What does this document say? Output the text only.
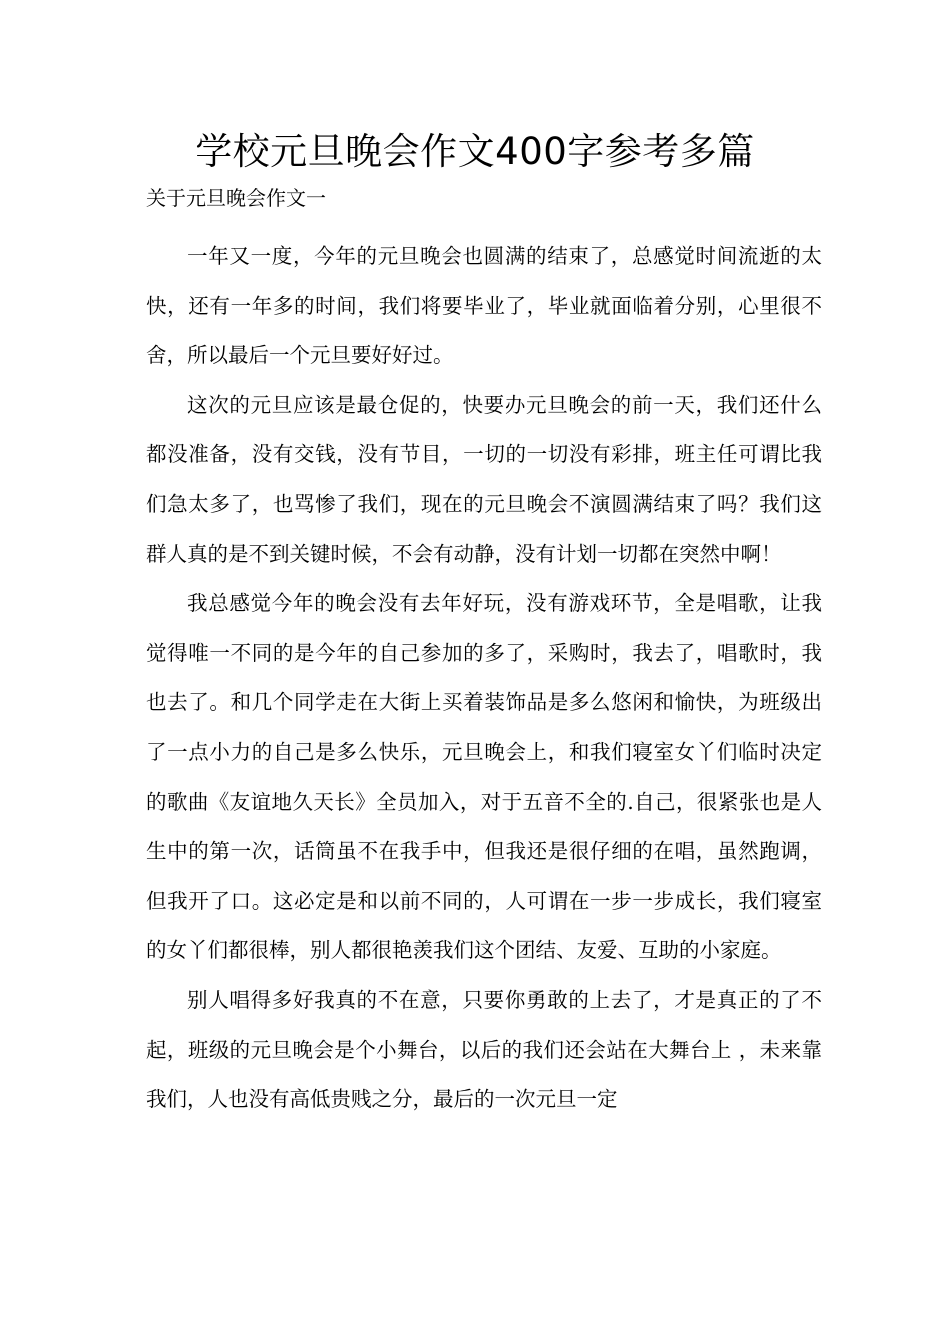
学校元旦晚会作文400字参考多篇
关于元旦晚会作文一

一年又一度，今年的元旦晚会也圆满的结束了，总感觉时间流逝的太快，还有一年多的时间，我们将要毕业了，毕业就面临着分别，心里很不舍，所以最后一个元旦要好好过。

这次的元旦应该是最仓促的，快要办元旦晚会的前一天，我们还什么都没准备，没有交钱，没有节目，一切的一切没有彩排，班主任可谓比我们急太多了，也骂惨了我们，现在的元旦晚会不演圆满结束了吗？我们这群人真的是不到关键时候，不会有动静，没有计划一切都在突然中啊！

我总感觉今年的晚会没有去年好玩，没有游戏环节，全是唱歌，让我觉得唯一不同的是今年的自己参加的多了，采购时，我去了，唱歌时，我也去了。和几个同学走在大街上买着装饰品是多么悠闲和愉快，为班级出了一点小力的自己是多么快乐，元旦晚会上，和我们寝室女丫们临时决定的歌曲《友谊地久天长》全员加入，对于五音不全的.自己，很紧张也是人生中的第一次，话筒虽不在我手中，但我还是很仔细的在唱，虽然跑调，但我开了口。这必定是和以前不同的，人可谓在一步一步成长，我们寝室的女丫们都很棒，别人都很艳羡我们这个团结、友爱、互助的小家庭。

别人唱得多好我真的不在意，只要你勇敢的上去了，才是真正的了不起，班级的元旦晚会是个小舞台，以后的我们还会站在大舞台上 ，未来靠我们，人也没有高低贵贱之分，最后的一次元旦一定
